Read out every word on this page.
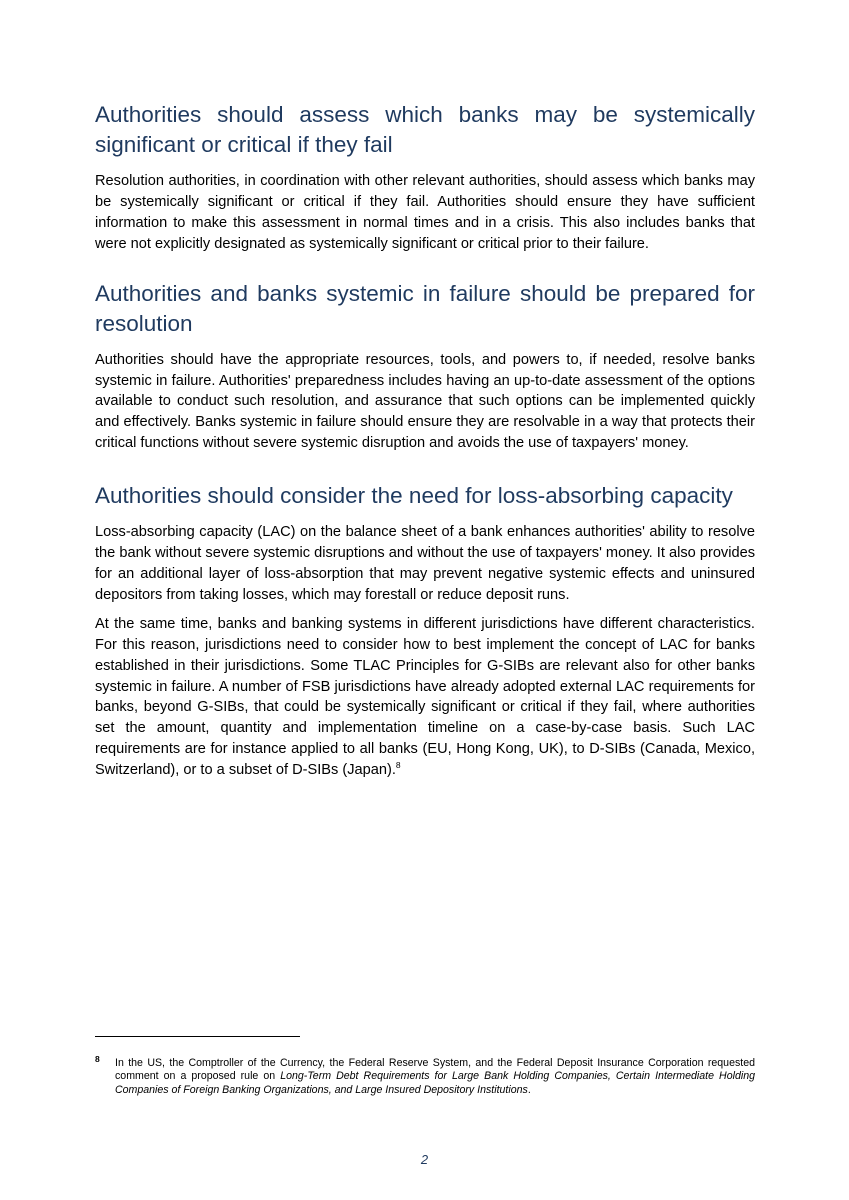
Authorities should assess which banks may be systemically significant or critical if they fail

Resolution authorities, in coordination with other relevant authorities, should assess which banks may be systemically significant or critical if they fail. Authorities should ensure they have sufficient information to make this assessment in normal times and in a crisis. This also includes banks that were not explicitly designated as systemically significant or critical prior to their failure.

Authorities and banks systemic in failure should be prepared for resolution

Authorities should have the appropriate resources, tools, and powers to, if needed, resolve banks systemic in failure. Authorities' preparedness includes having an up-to-date assessment of the options available to conduct such resolution, and assurance that such options can be implemented quickly and effectively. Banks systemic in failure should ensure they are resolvable in a way that protects their critical functions without severe systemic disruption and avoids the use of taxpayers' money.

Authorities should consider the need for loss-absorbing capacity

Loss-absorbing capacity (LAC) on the balance sheet of a bank enhances authorities' ability to resolve the bank without severe systemic disruptions and without the use of taxpayers' money. It also provides for an additional layer of loss-absorption that may prevent negative systemic effects and uninsured depositors from taking losses, which may forestall or reduce deposit runs.

At the same time, banks and banking systems in different jurisdictions have different characteristics. For this reason, jurisdictions need to consider how to best implement the concept of LAC for banks established in their jurisdictions. Some TLAC Principles for G-SIBs are relevant also for other banks systemic in failure. A number of FSB jurisdictions have already adopted external LAC requirements for banks, beyond G-SIBs, that could be systemically significant or critical if they fail, where authorities set the amount, quantity and implementation timeline on a case-by-case basis. Such LAC requirements are for instance applied to all banks (EU, Hong Kong, UK), to D-SIBs (Canada, Mexico, Switzerland), or to a subset of D-SIBs (Japan).$^8$

8 In the US, the Comptroller of the Currency, the Federal Reserve System, and the Federal Deposit Insurance Corporation requested comment on a proposed rule on Long-Term Debt Requirements for Large Bank Holding Companies, Certain Intermediate Holding Companies of Foreign Banking Organizations, and Large Insured Depository Institutions.
2
